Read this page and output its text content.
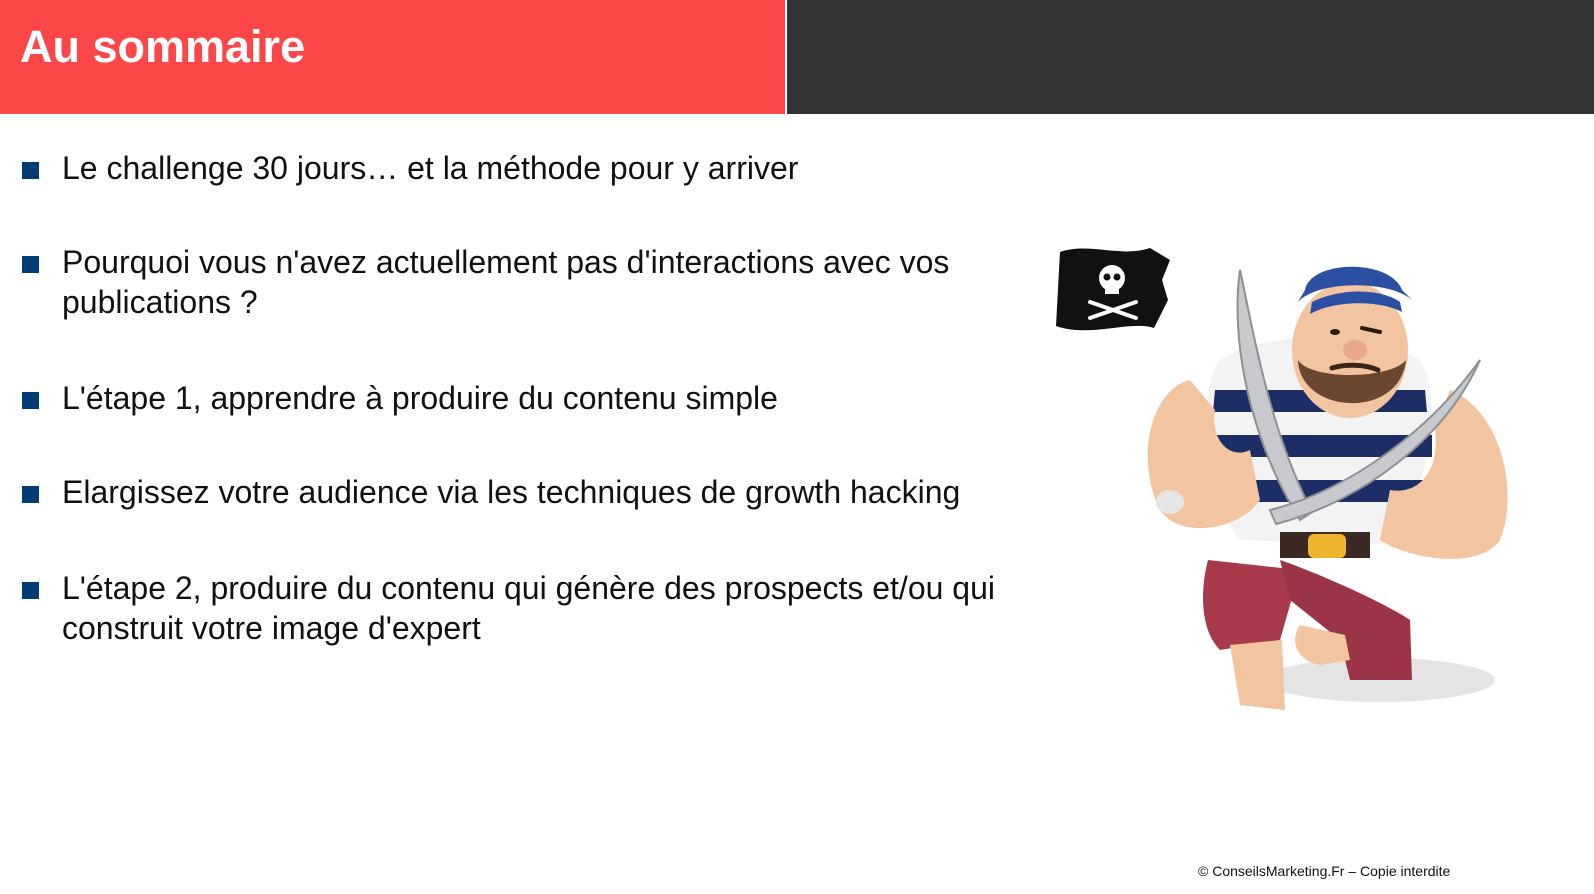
Au sommaire
Le challenge 30 jours… et la méthode pour y arriver
Pourquoi vous n'avez actuellement pas d'interactions avec vos publications ?
L'étape 1, apprendre à produire du contenu simple
Elargissez votre audience via les techniques de growth hacking
L'étape 2, produire du contenu qui génère des prospects et/ou qui construit votre image d'expert
© ConseilsMarketing.Fr – Copie interdite
